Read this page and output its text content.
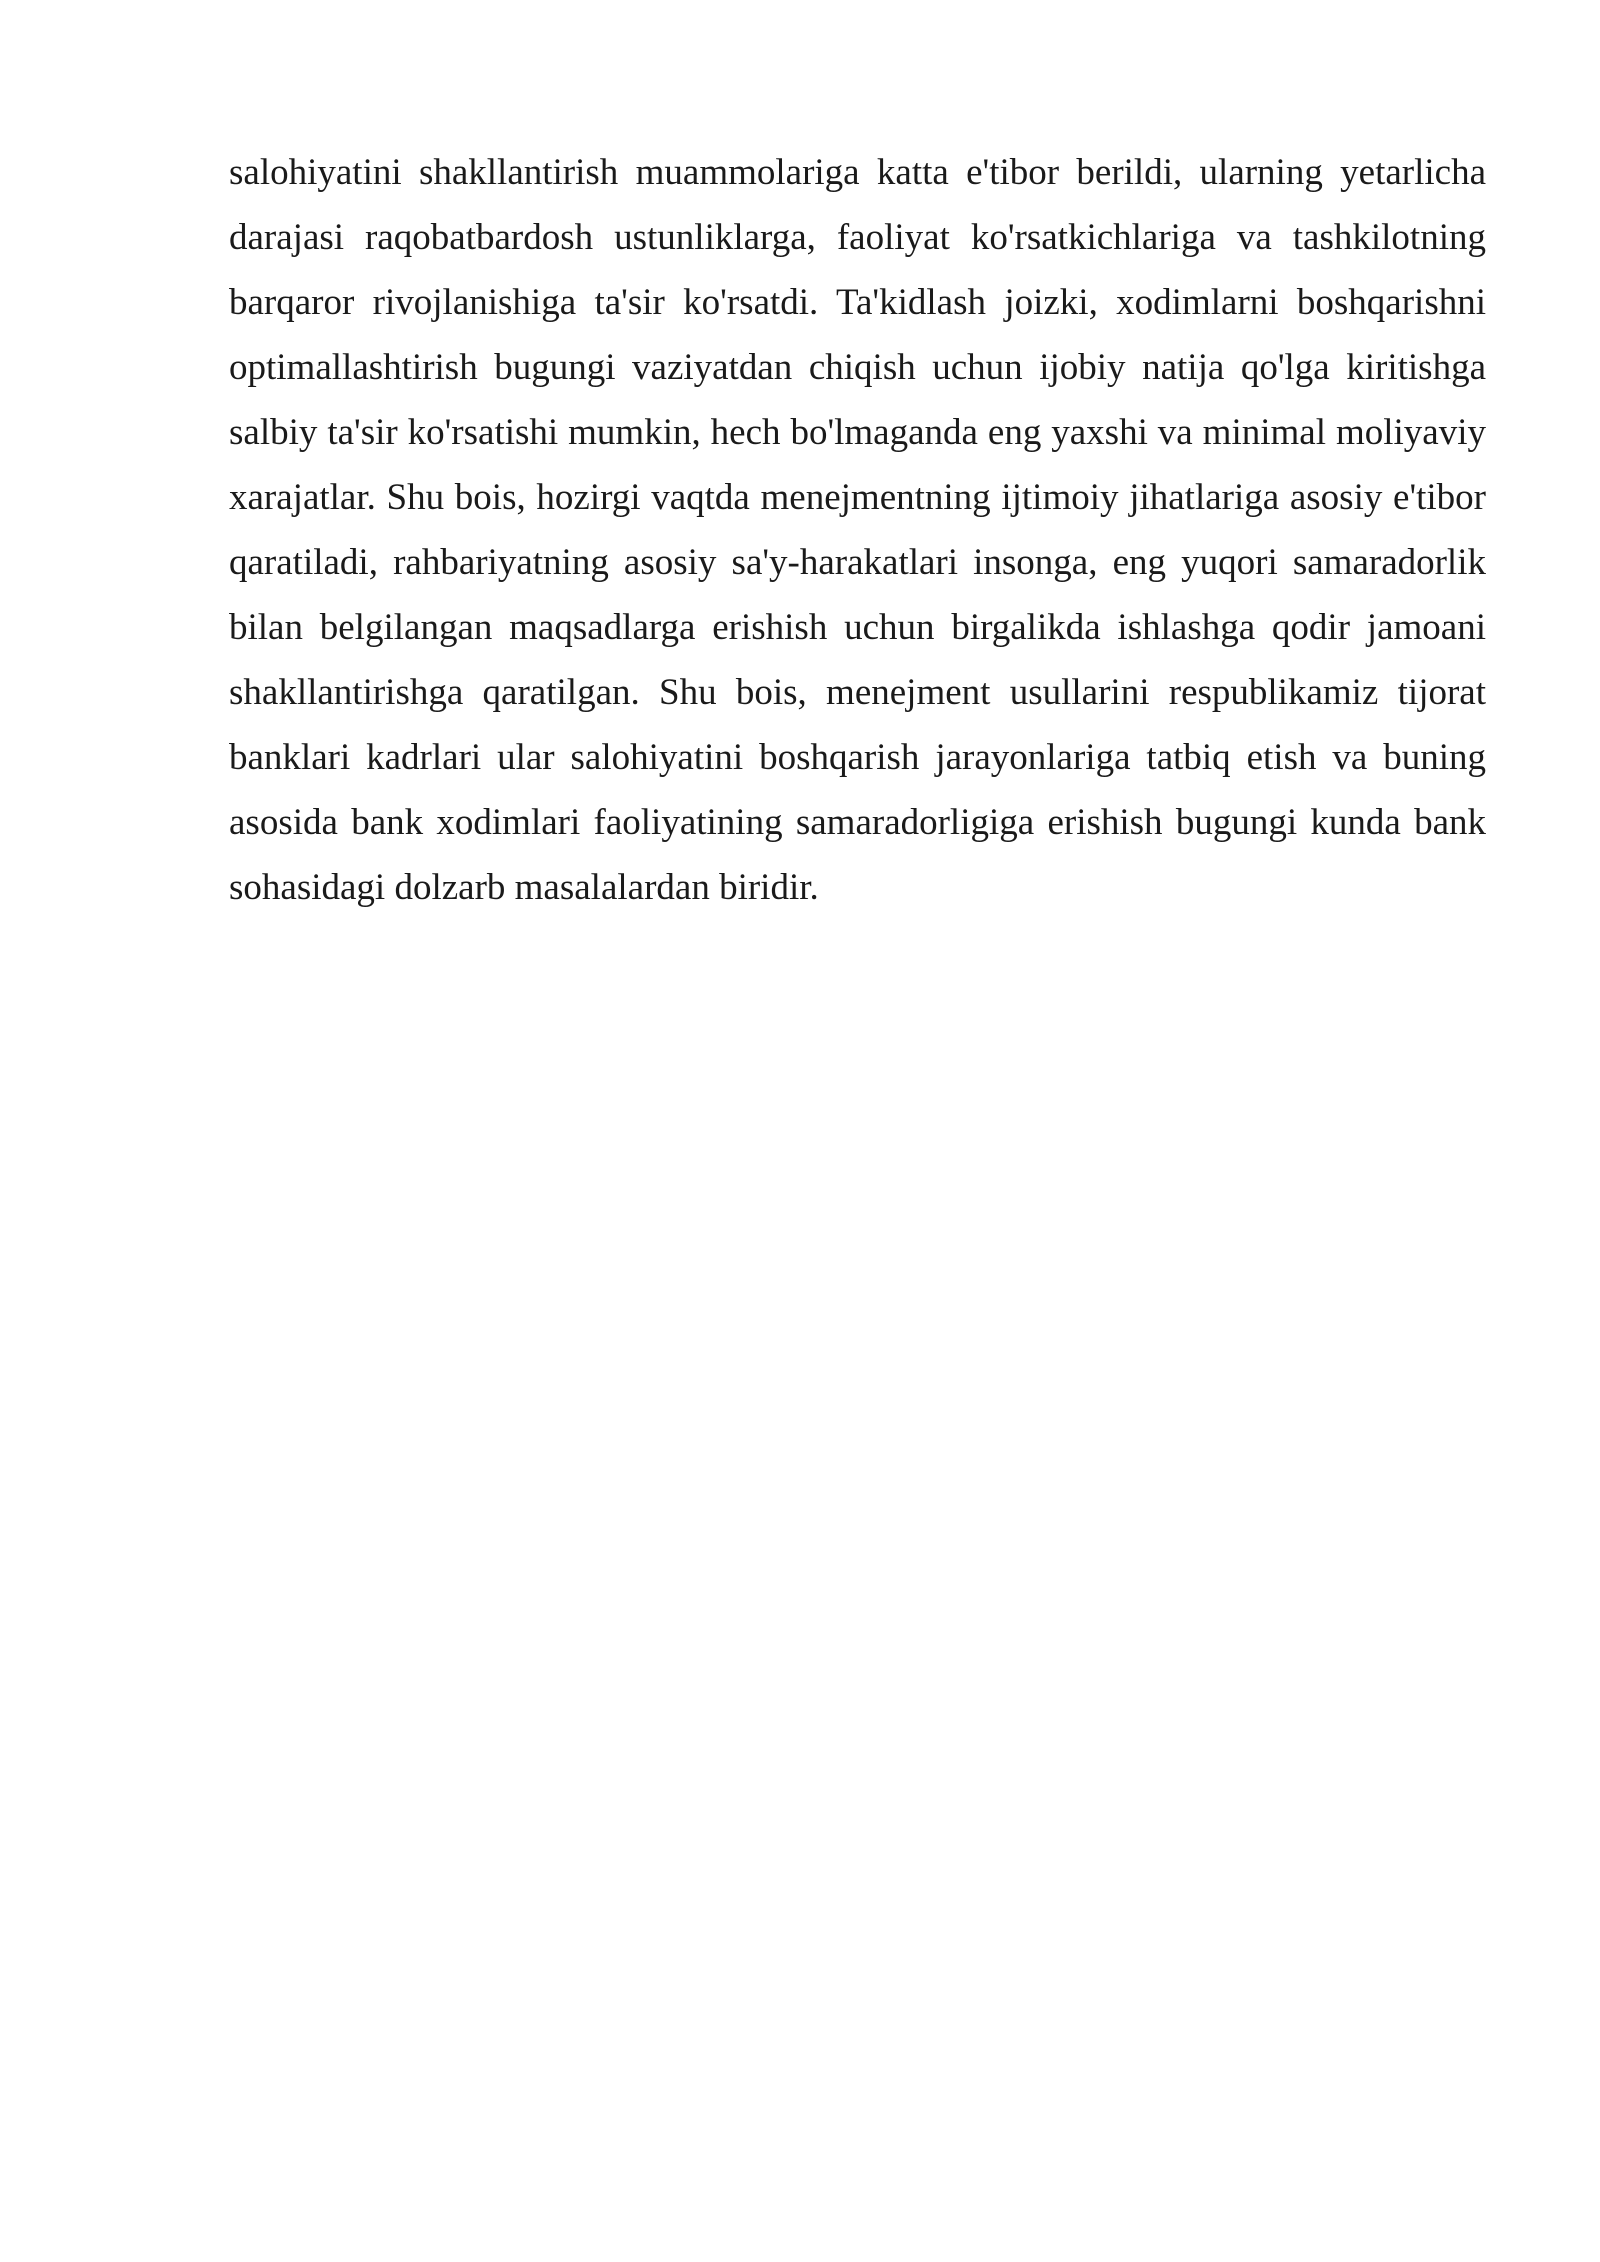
salohiyatini shakllantirish muammolariga katta e'tibor berildi, ularning yetarlicha
darajasi raqobatbardosh ustunliklarga, faoliyat ko'rsatkichlariga va tashkilotning
barqaror rivojlanishiga ta'sir ko'rsatdi. Ta'kidlash joizki, xodimlarni boshqarishni
optimallashtirish bugungi vaziyatdan chiqish uchun ijobiy natija qo'lga kiritishga
salbiy ta'sir ko'rsatishi mumkin, hech bo'lmaganda eng yaxshi va minimal moliyaviy
xarajatlar. Shu bois, hozirgi vaqtda menejmentning ijtimoiy jihatlariga asosiy e'tibor
qaratiladi, rahbariyatning asosiy sa'y-harakatlari insonga, eng yuqori samaradorlik
bilan belgilangan maqsadlarga erishish uchun birgalikda ishlashga qodir jamoani
shakllantirishga qaratilgan. Shu bois, menejment usullarini respublikamiz tijorat
banklari kadrlari ular salohiyatini boshqarish jarayonlariga tatbiq etish va buning
asosida bank xodimlari faoliyatining samaradorligiga erishish bugungi kunda bank
sohasidagi dolzarb masalalardan biridir.
